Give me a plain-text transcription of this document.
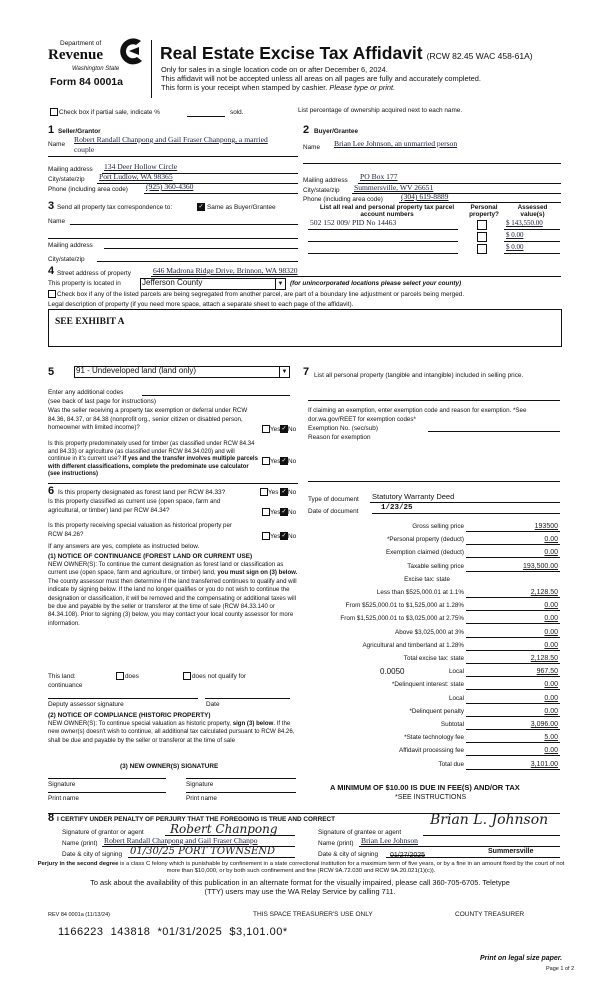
Department of
Revenue
Washington State
Form 84 0001a
Real Estate Excise Tax Affidavit (RCW 82.45 WAC 458-61A)
Only for sales in a single location code on or after December 6, 2024.
This affidavit will not be accepted unless all areas on all pages are fully and accurately completed.
This form is your receipt when stamped by cashier. Please type or print.
Check box if partial sale, indicate %	sold.	List percentage of ownership acquired next to each name.
1 Seller/Grantor
Name
Robert Randall Chanpong and Gail Fraser Chanpong, a married
couple
Mailing address 134 Deer Hollow Circle
City/state/zip Port Ludlow, WA 98365
Phone (including area code) (925) 360-4360
2 Buyer/Grantee
Name Brian Lee Johnson, an unmarried person
Mailing address PO Box 177
City/state/zip Summersville, WV 26651
Phone (including area code) (304) 619-8889
3 Send all property tax correspondence to:	✓ Same as Buyer/Grantee
Name
Mailing address
City/state/zip
List all real and personal property tax parcel account numbers
Personal property?
Assessed value(s)
502 152 009/ PID No 14463	$ 143,550.00
$ 0.00
$ 0.00
4 Street address of property	646 Madrona Ridge Drive, Brinnon, WA 98320
This property is located in	Jefferson County	▼ (for unincorporated locations please select your county)
Check box if any of the listed parcels are being segregated from another parcel, are part of a boundary line adjustment or parcels being merged.
Legal description of property (if you need more space, attach a separate sheet to each page of the affidavit).
SEE EXHIBIT A
5	91 - Undeveloped land (land only)	▼
Enter any additional codes
(see back of last page for instructions)
Was the seller receiving a property tax exemption or deferral under RCW 84.36, 84.37, or 84.38 (nonprofit org., senior citizen or disabled person, homeowner with limited income)?	Yes ✓ No
Is this property predominately used for timber (as classified under RCW 84.34 and 84.33) or agriculture (as classified under RCW 84.34.020) and will continue in it's current use? If yes and the transfer involves multiple parcels with different classifications, complete the predominate use calculator (see instructions)
Yes ✓ No
6 Is this property designated as forest land per RCW 84.33?	Yes ✓ No
Is this property classified as current use (open space, farm and agricultural, or timber) land per RCW 84.34?	Yes ✓ No
Is this property receiving special valuation as historical property per RCW 84.26?	Yes ✓ No
If any answers are yes, complete as instructed below.
(1) NOTICE OF CONTINUANCE (FOREST LAND OR CURRENT USE)
NEW OWNER(S): To continue the current designation as forest land or classification as current use (open space, farm and agriculture, or timber) land, you must sign on (3) below. The county assessor must then determine if the land transferred continues to qualify and will indicate by signing below. If the land no longer qualifies or you do not wish to continue the designation or classification, it will be removed and the compensating or additional taxes will be due and payable by the seller or transferor at the time of sale (RCW 84.33.140 or 84.34.108). Prior to signing (3) below, you may contact your local county assessor for more information.
This land:	does	does not qualify for
continuance
Deputy assessor signature	Date
(2) NOTICE OF COMPLIANCE (HISTORIC PROPERTY)
NEW OWNER(S): To continue special valuation as historic property, sign (3) below. If the new owner(s) doesn't wish to continue, all additional tax calculated pursuant to RCW 84.26, shall be due and payable by the seller or transferor at the time of sale
(3) NEW OWNER(S) SIGNATURE
Signature	Signature
Print name	Print name
7 List all personal property (tangible and intangible) included in selling price.
If claiming an exemption, enter exemption code and reason for exemption. *See dor.wa.gov/REET for exemption codes*
Exemption No. (sec/sub)
Reason for exemption
Type of document Statutory Warranty Deed
Date of document	1/23/25
Gross selling price	193500
*Personal property (deduct)	0.00
Exemption claimed (deduct)	0.00
Taxable selling price	193,500.00
Excise tax: state
Less than $525,000.01 at 1.1%	2,128.50
From $525,000.01 to $1,525,000 at 1.28%	0.00
From $1,525,000.01 to $3,025,000 at 2.75%	0.00
Above $3,025,000 at 3%	0.00
Agricultural and timberland at 1.28%	0.00
Total excise tax: state	2,128.50
Local	967.50
0.0050
*Delinquent interest: state	0.00
Local	0.00
*Delinquent penalty	0.00
Subtotal	3,096.00
*State technology fee	5.00
Affidavit processing fee	0.00
Total due	3,101.00
A MINIMUM OF $10.00 IS DUE IN FEE(S) AND/OR TAX
*SEE INSTRUCTIONS
8 I CERTIFY UNDER PENALTY OF PERJURY THAT THE FOREGOING IS TRUE AND CORRECT
Signature of grantor or agent Robert Chanpong
Name (print) Robert Randall Chanpong and Gail Fraser Chanpo
Date & city of signing 01/30/25 PORT TOWNSEND
Brian L. Johnson
Signature of grantee or agent
Name (print) Brian Lee Johnson
Date & city of signing 01/27/2025
Summersville
Perjury in the second degree is a class C felony which is punishable by confinement in a state correctional institution for a maximum term of five years, or by a fine in an amount fixed by the court of not more than $10,000, or by both such confinement and fine (RCW 9A.72.030 and RCW 9A.20.021(1)(c)).
To ask about the availability of this publication in an alternate format for the visually impaired, please call 360-705-6705. Teletype
(TTY) users may use the WA Relay Service by calling 711.
REV 84 0001a (11/13/24)	THIS SPACE TREASURER'S USE ONLY	COUNTY TREASURER
1166223  143818  *01/31/2025  $3,101.00*
Print on legal size paper.
Page 1 of 2
